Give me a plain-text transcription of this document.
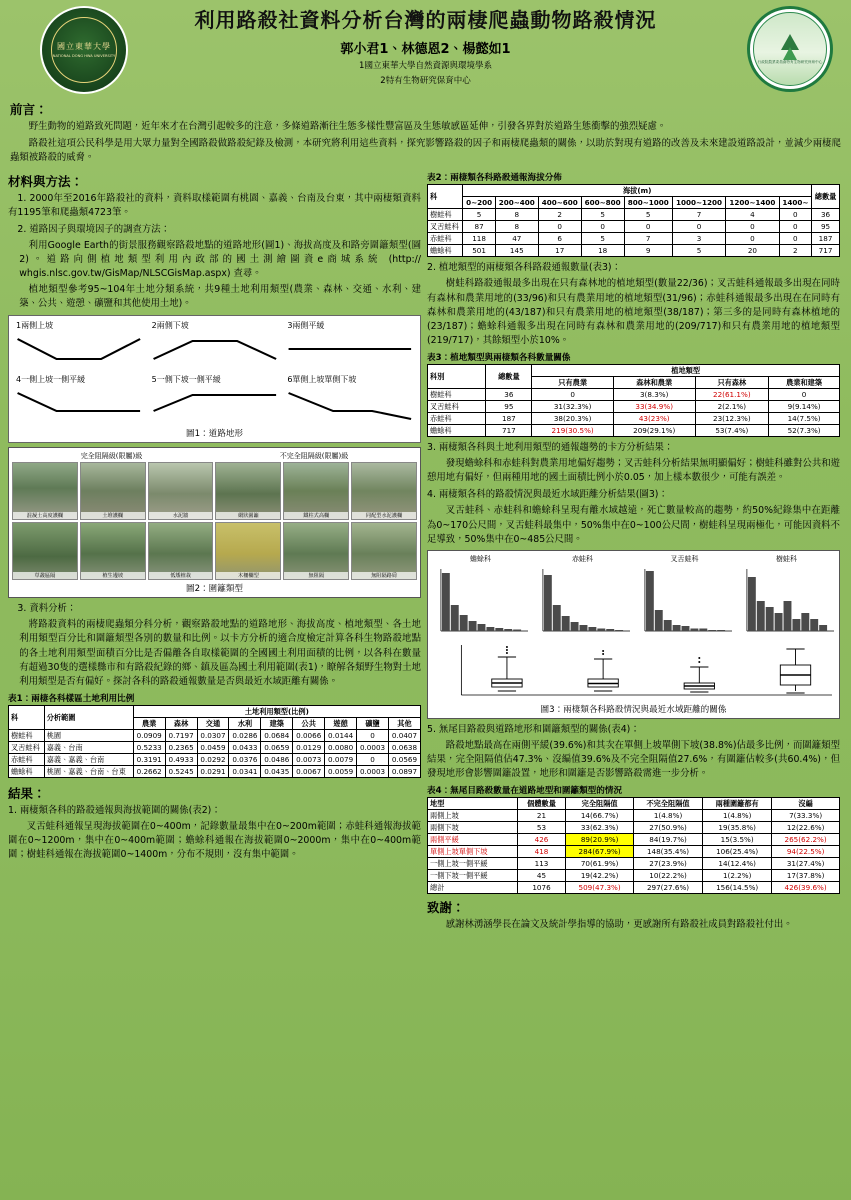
國立東華大學
NATIONAL DONG HWA UNIVERSITY
行政院農業委員會特有生物研究保育中心
利用路殺社資料分析台灣的兩棲爬蟲動物路殺情況
郭小君1、林德恩2、楊懿如1
1國立東華大學自然資源與環境學系
2特有生物研究保育中心
前言：

野生動物的道路致死問題，近年來才在台灣引起較多的注意，多條道路漸往生態多樣性豐富區及生態敏感區延伸，引發各界對於道路生態衝擊的強烈疑慮。

路殺社這項公民科學是用大眾力量對全國路殺做路殺紀錄及檢測，本研究將利用這些資料，探究影響路殺的因子和兩棲爬蟲類的關係，以助於對現有道路的改善及未來建設道路設計，並減少兩棲爬蟲類被路殺的威脅。

材料與方法：
1. 2000年至2016年路殺社的資料，資料取樣範圍有桃園、嘉義、台南及台東，其中兩棲類資料有1195筆和爬蟲類4723筆。
2. 道路因子與環境因子的調查方法：
利用Google Earth的街景服務觀察路殺地點的道路地形(圖1)、海拔高度及和路旁圍籬類型(圖2)。道路向側植地類型利用內政部的國土測繪圖資e商城系統 (http:// whgis.nlsc.gov.tw/GisMap/NLSCGisMap.aspx) 查尋。
植地類型參考95~104年土地分類系統，共9種土地利用類型(農業、森林、交通、水利、建築、公共、遊憩、礦鹽和其他使用土地)。
1兩側上坡	2兩側下坡	3兩側平緩
4一側上坡一側平緩	5一側下坡一側平緩	6單側上坡單側下坡
圖1：道路地形
完全阻隔級(限屬)級	不完全阻隔級(限屬)級
混凝土高度護欄	土堆護欄	水泥牆	網狀圍籬	鐵柱式高欄	同配型水泥護欄
草叢區隔	植生邊坡	低矮植栽	木柵欄型	無阻隔	無阻隔路肩
圖2：圍籬類型
3. 資料分析：
將路殺資料的兩棲爬蟲類分科分析，觀察路殺地點的道路地形、海拔高度、植地類型、各土地利用類型百分比和圍籬類型各別的數量和比例。以卡方分析的適合度檢定計算各科生物路殺地點的各土地利用類型面積百分比是否偏離各自取樣範圍的全國國土利用面積的比例，以各科在數量有超過30隻的選樣縣市和有路殺紀錄的鄉、鎮及區為國土利用範圍(表1)，瞭解各類野生物對土地利用類型是否有偏好。探討各科的路殺通報數量是否與最近水域距離有關係。
表1：兩棲各科樣區土地利用比例
科	分析範圍	土地利用類型(比例)								
		農業	森林	交通	水利	建築	公共	遊憩	礦鹽	其他
樹蛙科	桃園	0.0909	0.7197	0.0307	0.0286	0.0684	0.0066	0.0144	0	0.0407
叉舌蛙科	嘉義、台南	0.5233	0.2365	0.0459	0.0433	0.0659	0.0129	0.0080	0.0003	0.0638
赤蛙科	嘉義、嘉義、台南	0.3191	0.4933	0.0292	0.0376	0.0486	0.0073	0.0079	0	0.0569
蟾蜍科	桃園、嘉義、台南、台東	0.2662	0.5245	0.0291	0.0341	0.0435	0.0067	0.0059	0.0003	0.0897
結果：
1. 兩棲類各科的路殺通報與海拔範圍的關係(表2)：

叉舌蛙科通報呈現海拔範圍在0~400m，記錄數量最集中在0~200m範圍；赤蛙科通報海拔範圍在0~1200m，集中在0~400m範圍；蟾蜍科通報在海拔範圍0~2000m，集中在0~400m範圍；樹蛙科通報在海拔範圍0~1400m，分布不規則，沒有集中範圍。

表2：兩棲類各科路殺通報海拔分佈
科	海拔(m)								總數量
	0~200	200~400	400~600	600~800	800~1000	1000~1200	1200~1400	1400~	
樹蛙科	5	8	2	5	5	7	4	0	36
叉舌蛙科	87	8	0	0	0	0	0	0	95
赤蛙科	118	47	6	5	7	3	0	0	187
蟾蜍科	501	145	17	18	9	5	20	2	717
2. 植地類型的兩棲類各科路殺通報數量(表3)：

樹蛙科路殺通報最多出現在只有森林地的植地類型(數量22/36)；叉舌蛙科通報最多出現在同時有森林和農業用地的(33/96)和只有農業用地的植地類型(31/96)；赤蛙科通報最多出現在在同時有森林和農業用地的(43/187)和只有農業用地的植地類型(38/187)；第三多的是同時有森林植地的(23/187)；蟾蜍科通報多出現在同時有森林和農業用地的(209/717)和只有農業用地的植地類型(219/717)，其餘類型小於10%。

表3：植地類型與兩棲類各科數量關係
科別	總數量	植地類型			
		只有農業	森林和農業	只有森林	農業和建築
樹蛙科	36	0	3(8.3%)	22(61.1%)	0
叉舌蛙科	95	31(32.3%)	33(34.9%)	2(2.1%)	9(9.14%)
赤蛙科	187	38(20.3%)	43(23%)	23(12.3%)	14(7.5%)
蟾蜍科	717	219(30.5%)	209(29.1%)	53(7.4%)	52(7.3%)
3. 兩棲類各科與土地利用類型的通報趨勢的卡方分析結果：

發現蟾蜍科和赤蛙科對農業用地偏好趨勢；叉舌蛙科分析結果無明顯偏好；樹蛙科雖對公共和遊憩用地有偏好，但兩種用地的國土面積比例小於0.05，加上樣本數很少，可能有誤差。

4. 兩棲類各科的路殺情況與最近水域距離分析結果(圖3)：

叉舌蛙科、赤蛙科和蟾蜍科呈現有離水域越遠，死亡數量較高的趨勢，約50%紀錄集中在距離為0~170公尺間，叉舌蛙科最集中，50%集中在0~100公尺間，樹蛙科呈現兩極化，可能因資料不足導致，50%集中在0~485公尺間。

蟾蜍科	赤蛙科	叉舌蛙科	樹蛙科
圖3：兩棲類各科路殺情況與最近水域距離的關係
5. 無尾目路殺與道路地形和圍籬類型的關係(表4)：

路殺地點最高在兩側平緩(39.6%)和其次在單側上坡單側下坡(38.8%)佔最多比例，而圍籬類型結果，完全阻隔值佔47.3%、沒編值39.6%及不完全阻隔值27.6%，有圍籬佔較多(共60.4%)，但發現地形會影響圍籬設置，地形和圍籬是否影響路殺需進一步分析。

表4：無尾目路殺數量在道路地型和圍籬類型的情況
地型	個體數量	完全阻隔值	不完全阻隔值	兩種圍籬都有	沒編
兩側上坡	21	14(66.7%)	1(4.8%)	1(4.8%)	7(33.3%)
兩側下坡	53	33(62.3%)	27(50.9%)	19(35.8%)	12(22.6%)
兩側平緩	426	89(20.9%)	84(19.7%)	15(3.5%)	265(62.2%)
單側上坡單側下坡	418	284(67.9%)	148(35.4%)	106(25.4%)	94(22.5%)
一側上坡一側平緩	113	70(61.9%)	27(23.9%)	14(12.4%)	31(27.4%)
一側下坡一側平緩	45	19(42.2%)	10(22.2%)	1(2.2%)	17(37.8%)
總計	1076	509(47.3%)	297(27.6%)	156(14.5%)	426(39.6%)
致謝：

感謝林湧涵學長在論文及統計學指導的協助，更感謝所有路殺社成員對路殺社付出。
